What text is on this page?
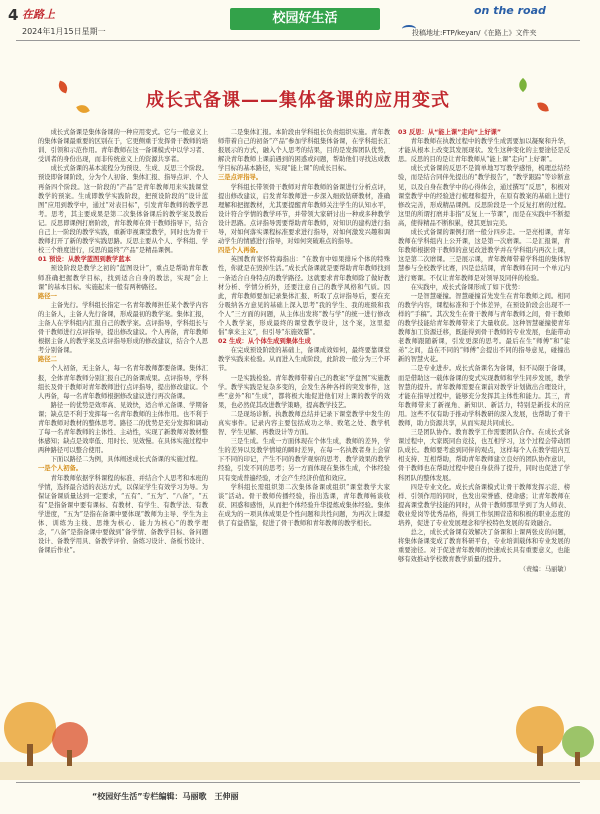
4 在路上
2024年1月15日星期一
校园好生活
on the road
投稿地址:FTP/keyan/《在路上》文件夹
成长式备课——集体备课的应用变式

成长式备课是集体备课的一种应用变式。它与一般意义上的集体备课最重要的区别在于，它更侧重于发挥骨干教师的培训、引领和示范作用。青年教师在这一备课模式中以学习者、受训者的身份出现，而非传统意义上的资源共享者。

成长式备课的基本流程分为预设、生成、反思三个阶段。预设即备课阶段，分为个人初备、集体汇报、指导点评、个人再备四个阶段。这一阶段的“产品”是青年教师用来实践课堂教学的预案。生成即教学实践阶段，把预设阶段的“设计蓝图”应用到教学中，通过“对表目标”，引发青年教师的教学思考。思考，其主要成果是第二次集体备课后的教学案及教后记。反思即课例打磨阶段，青年教师在骨干教师指导下，结合自己上一阶段的教学实践，重新审视课堂教学，同时也为骨干教师打开了新的教学实践思路。反思主要从个人、学科组、学校三个维度进行，反思的最终“产品”是精品课例。

01 预设：从教学蓝图到教学蓝本

预设阶段是教学之初的“蓝图设计”，重点是帮助青年教师准确把握教学目标，找到适合自身的教法，实现“会上课”的基本目标。实施起来一般有两种路径。

路径一

主备先行。学科组长指定一名青年教师担任某个教学内容的主备人，主备人先行备课，形成最初的教学案。集体汇报，主备人在学科组内汇报自己的教学案。点评指导，学科组长与骨干教师进行点评指导，提出修改建议。个人再备，青年教师根据主备人的教学案及点评指导形成的修改建议，结合个人思考分别备课。

路径二

个人初备，无主备人，每一名青年教师都要备课。集体汇报，全体青年教师分别汇报自己的备课成果。点评指导，学科组长及骨干教师对青年教师进行点评指导，提出修改建议。个人再备，每一名青年教师根据修改建议进行再次备课。

路径一的优势是效率高、见效快，适合单元备课、学期备课；缺点是不利于发挥每一名青年教师的主体作用。也不利于青年教师对教材的整体思考。路径二的优势是充分发挥和调动了每一名青年教师的主体性、主动性，实现了新教师对教材整体感知；缺点是效率低、用时长、见效慢。在具体实施过程中两种路径可以整合使用。

下面以路径二为例，具体阐述成长式备课的实施过程。

一是个人初备。

青年教师依据学科课程的标准、并结合个人思考和本班的学情，选择最合适的表达方式，以保证学生有效学习为导。为保证备课质量达到一定要求，“五有”、“五为”、“八备”，“五有”是指备课中要有课标、有教材、有学生、有教学法、有教学进度，“五为”是指在备课中要体现“教师为主导、学生为主体、训练为主线、思维为核心、能力为核心”的教学理念，“八备”是指备课中要做到“备学情、备教学目标、备问题设计、备教学用具、备教学评价、备练习设计、备板书设计、备课后作业”。

二是集体汇报。本阶段由学科组长负责组织实施。青年教师带着自己的初备“产品”参加学科组集体备课，在学科组长汇报展示的方式，融入个人思考的结果，目的是发挥团队优势，解决青年教师上课前遇到的困惑或问题，帮助他们寻找达成教学目标的基本路径，实现“能上课”的成长目标。

三是点评指导。

学科组长带领骨干教师对青年教师的备课进行分析点评，提出修改建议，启发青年教师进一步深入细致钻研教材，准确理解和把握教材，尤其要提醒青年教师关注学生的认知水平，设计符合学情的教学环节，并带领大家研讨出一种或多种教学设计思路。点评指导需要帮助青年教师，对知识的建构进行指导，对如何落实课程标准要求进行指导，对如何激发兴趣和调动学生的情感进行指导，对如何突破难点的指导。

四是个人再备。

英国教育家怀特海指出：“在教育中如果排斥个体的特殊性，你就是在毁掉生活。”成长式备课就是要帮助青年教师找到一条适合自身特点的教学路径。这就要求青年教师除了做好教材分析、学情分析外，还要注意自己的教学风格和气质。因此，青年教师要加记录集体汇报、听取了点评指导后，要在充分吸纳各方意见的基础上深入思考“我的学生、我的班级和我个人”三方面的问题，从主体出发将“教与学”的统一进行修改个人教学案，形成最终的课堂教学设计，这个案，这里提倡“拿来主义”，但引导“东施效颦”。

02 生成：从个体生成到集体生成

在完成预设阶段的基础上，备课成效如何，最终要靠课堂教学实践来检验。从而进入生成阶段，此阶段一般分为三个环节。

一是实践检验。青年教师带着自己的教案“学盘图”实施教学。教学实践是复杂多变的，会发生各种各样的突发事件，这些“意外”和“生成”，都将极大地促进他们对上课的教学的效果，也必然促其改进教学策略，提高教学技艺。

二是现场诊断。执教教师总结并记录下课堂教学中发生的真实事件。记录内容主要包括成功之举、败笔之处、教学机智、学生见解、再教设计等方面。

三是生成。生成一方面体现在个体生成，教师的差异，学生的差异以及教学情境的瞬时差异，在每一名执教者身上会留下不同的印记，产生不同的教学观察的思考、教学效果的教学经验，引发不同的思考；另一方面体现在集体生成，个体经验只有变成普遍经验，才会产生经济价值和效应。

学科组长需组织第二次集体备课或组织“课堂教学大家谈”活动。骨干教师传播经验，指出选课，青年教师畅谈收获、困惑和感悟，从而把个体经验升华提炼成集体经验。集体在成为的一项具体成果是个性问题和共性问题，为再次上课提供了有益借鉴，促进了骨干教师和青年教师的教学相长。

03 反思：从“能上课”走向“上好课”

青年教师在执教过程中的教学生成需要加以凝聚和升华，才能从根本上改变其发展现状。发生这种变化的主要途径是反思。反思的目的是让青年教师从“能上课”走向“上好课”。

成长式备课的反思不是简单地写写教学感悟，梳理总结经验，而是结合同伴先提出的“教学报告”，“教学跟踪”等诊断意见，以及自身在教学中的心得体会，通过撰写“反思”，积极对课堂教学中的经验进行梳理和提升，在原有教案的基础上进行修改完善，形成精品课例。反思阶段是一个反复打磨的过程。这里的所谓打磨并非指“反复上一节课”，而是在实践中不断提高，使得精品不断积累，使其更加完美。

成长式备课的课例打磨一般分四步走。一是亮相课，青年教师在学科组内上公开课，这是第一次磨课。二是汇报课，青年教师根据骨干教师的意见改进教学并在学科组内再次上课，这是第二次磨课。三是展示课，青年教师带着学科组的集体智慧参与全校教学比赛，四是总结课，青年教师在同一个单元内进行赛课。不仅让青年教师是对领导及同伴的检验。

在实践中，成长式备课形成了如下优势：

一是智慧碰撞。智慧碰撞首先发生在青年教师之间。相同的教学内容，课程标准和于个体差异，在预设阶段会出现不一样的“手稿”。其次发生在骨干教师与青年教师之间，骨干教师的教学技能给青年教师带来了大量收获。这种智慧碰撞使青年教师加工资源迁移，既能得到骨干教师的专业发展，也能带动老教师跟随新课，引发更深的思考。最后在生“师傅”和“徒弟”之间，益在不同的“师傅”会提出不同的指导意见，碰撞出新的智慧火花。

二是专业进步。成长式备课名为备课，但不局限于备课，而是借助这一载体备课的变式实现教师和学生同步发展，教学智慧的提升。青年教师需要在课前对教学计划做出合理设计，才能在指导过程中，能够充分发挥其主体性和能力。其三，青年教师带来了新视角、新知识、新活力，特别是新技术的应用。这些不仅有助于推动学科教研的深入发展，也帮助了骨干教师，助力资源共享，从而实现共同成长。

三是团队协作。教育教学工作需要团队合作。在成长式备课过程中，大家既同台竞技，也互相学习，这个过程会带动团队成长。教师要考虑到同伴的观点，这样每个人在教学组内互相支持、互相帮助，帮助青年教师建立良好的团队协作意识，骨干教师也在帮助过程中使自身获得了提升，同时也促进了学科团队的整体发展。

四是专业文化。成长式备课模式让骨干教师发挥示范、榜样、引领作用的同时，也发出荣誉感、使命感；让青年教师在提高课堂教学技能的同时，从骨干教师那里学到了为人师表、敬业爱岗等优秀品格，得到工作氛围营造和积极的职业态度的培养，促进了专业发展理念和学校特色发展的有效融合。

总之，成长式备课有效解决了备课和上课两张皮的问题，将集体备课变成了教育科研平台，专业培训载体和专业发展的重要途径。对于促进青年教师的快速成长具有重要意义，也能够有效推动学校教育教学质量的提升。

（责编：马丽敏）

“校园好生活”专栏编辑：马丽歌　王伸丽
